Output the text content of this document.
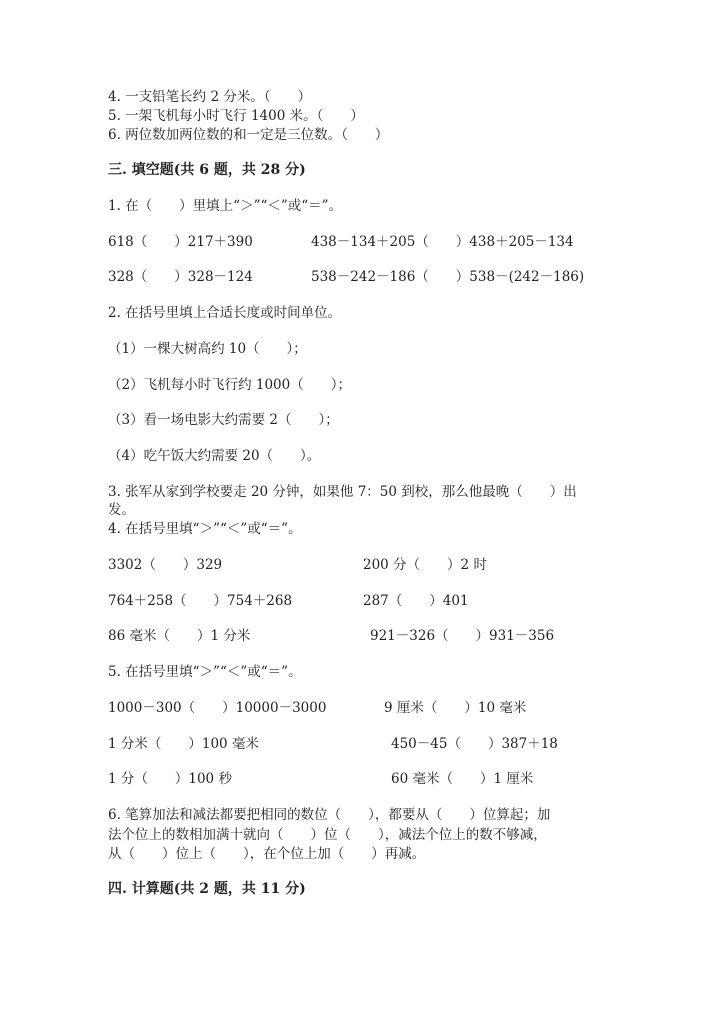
4. 一支铅笔长约 2 分米。（　　）
5. 一架飞机每小时飞行 1400 米。（　　）
6. 两位数加两位数的和一定是三位数。（　　）
三. 填空题(共 6 题，共 28 分)
1. 在（　　）里填上“＞”“＜”或“＝”。
618（　　）217＋390	438－134＋205（　　）438＋205－134
328（　　）328－124	538－242－186（　　）538－(242－186)
2. 在括号里填上合适长度或时间单位。
（1）一棵大树高约 10（　　）；
（2）飞机每小时飞行约 1000（　　）；
（3）看一场电影大约需要 2（　　）；
（4）吃午饭大约需要 20（　　）。
3. 张军从家到学校要走 20 分钟，如果他 7：50 到校，那么他最晚（　　）出
发。
4. 在括号里填“＞”“＜”或“＝”。
3302（　　）329	200 分（　　）2 时
764＋258（　　）754＋268	287（　　）401
86 毫米（　　）1 分米	921－326（　　）931－356
5. 在括号里填“＞”“＜”或“＝”。
1000－300（　　）10000－3000	9 厘米（　　）10 毫米
1 分米（　　）100 毫米	450－45（　　）387＋18
1 分（　　）100 秒	60 毫米（　　）1 厘米
6. 笔算加法和减法都要把相同的数位（　　），都要从（　　）位算起；加
法个位上的数相加满十就向（　　）位（　　），减法个位上的数不够减，
从（　　）位上（　　），在个位上加（　　）再减。
四. 计算题(共 2 题，共 11 分)
